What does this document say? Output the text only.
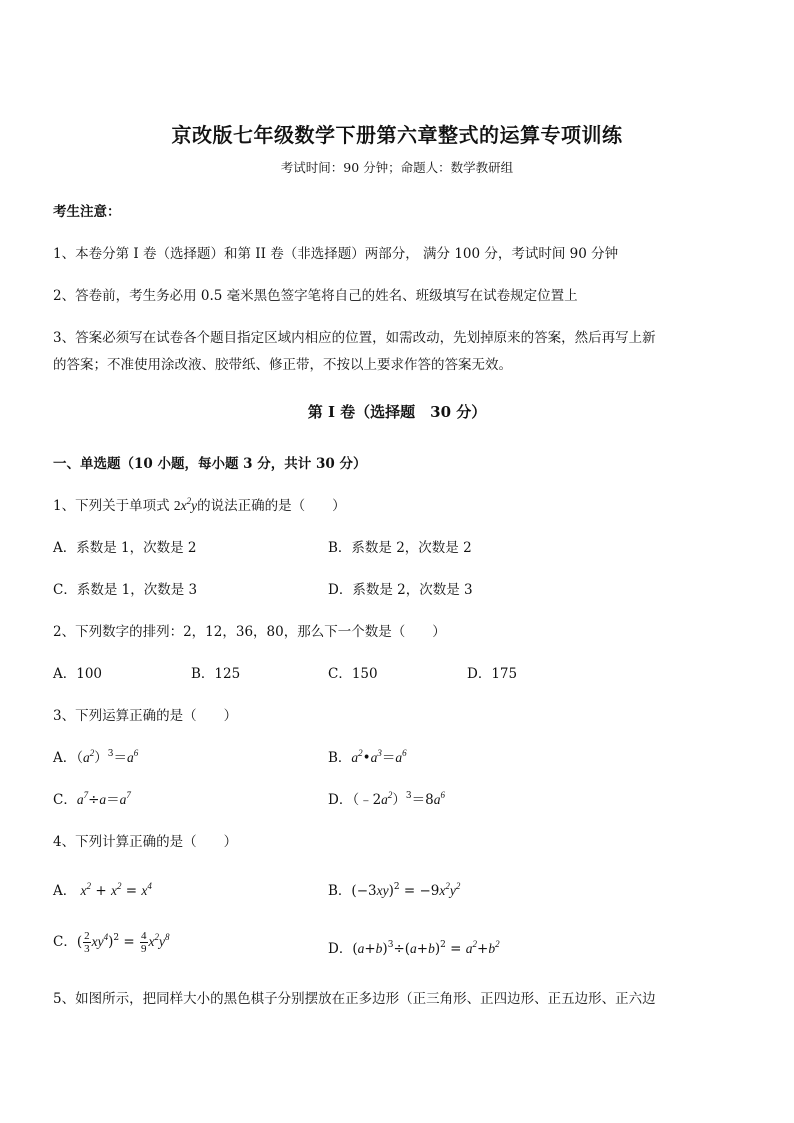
京改版七年级数学下册第六章整式的运算专项训练
考试时间：90 分钟；命题人：数学教研组
考生注意：
1、本卷分第 I 卷（选择题）和第 II 卷（非选择题）两部分， 满分 100 分，考试时间 90 分钟
2、答卷前，考生务必用 0.5 毫米黑色签字笔将自己的姓名、班级填写在试卷规定位置上
3、答案必须写在试卷各个题目指定区域内相应的位置，如需改动，先划掉原来的答案，然后再写上新
的答案；不准使用涂改液、胶带纸、修正带，不按以上要求作答的答案无效。
第 I 卷（选择题　30 分）
一、单选题（10 小题，每小题 3 分，共计 30 分）
1、下列关于单项式 $2x^2y$的说法正确的是（　　）
A．系数是 1，次数是 2	B．系数是 2，次数是 2
C．系数是 1，次数是 3	D．系数是 2，次数是 3
2、下列数字的排列：2，12，36，80，那么下一个数是（　　）
A．100	B．125	C．150	D．175
3、下列运算正确的是（　　）
A．$(a^2)^3=a^6$	B．$a^2•a^3=a^6$
C．$a^7\div a=a^7$	D．$(﹣2a^2)^3=8a^6$
4、下列计算正确的是（　　）
A． $x^2 + x^2 = x^4$	B．$(-3xy)^2 = -9x^2y^2$
C．( $\frac{2}{3} xy^4)^2 = \frac{4}{9} x^2y^8$
D．$(a+b)^3\div(a+b)^2 = a^2+b^2$
5、如图所示，把同样大小的黑色棋子分别摆放在正多边形（正三角形、正四边形、正五边形、正六边
